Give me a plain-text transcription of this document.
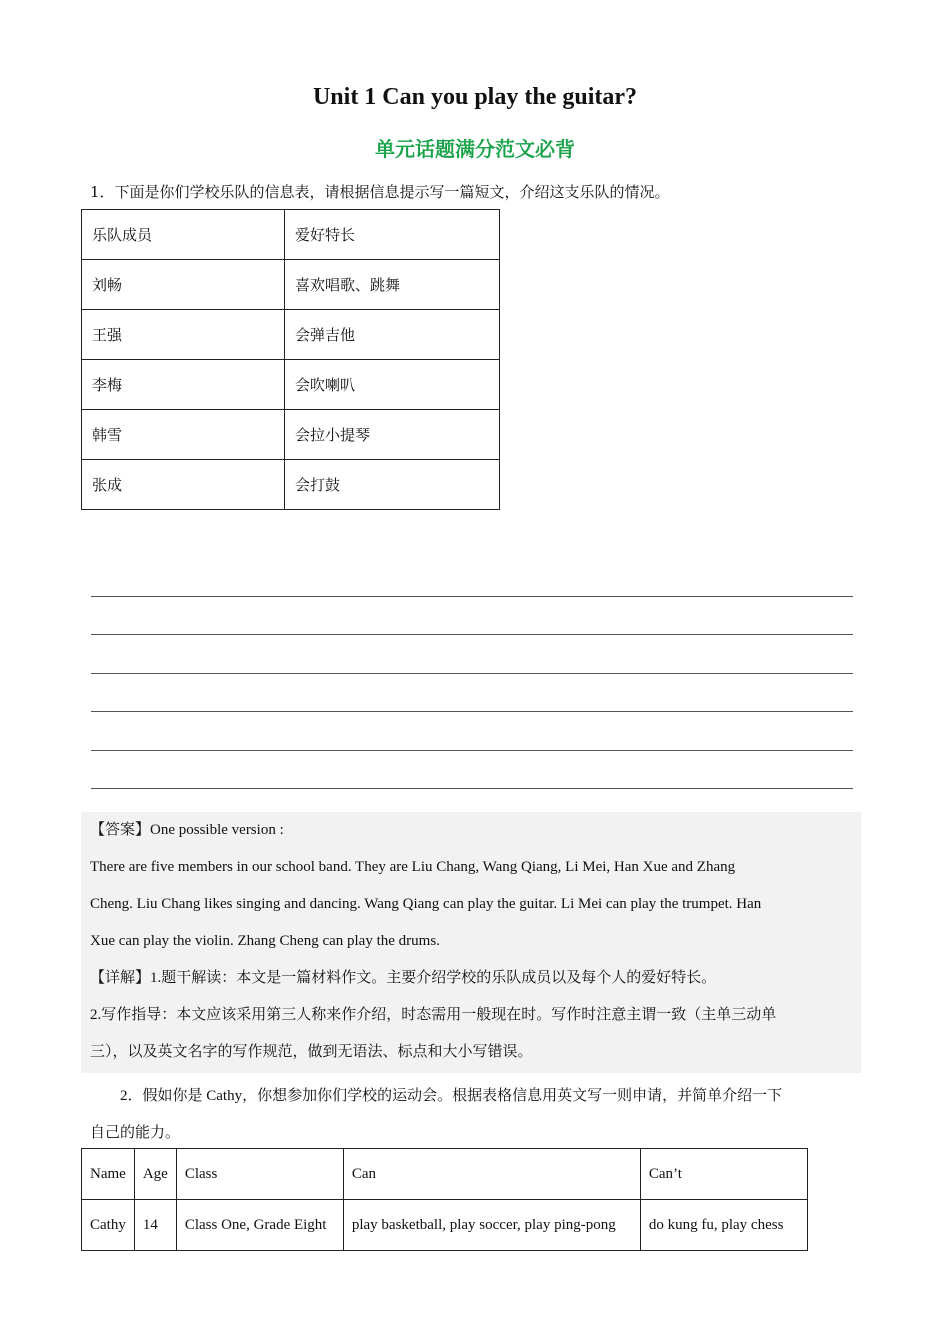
Unit 1 Can you play the guitar?
单元话题满分范文必背
1．下面是你们学校乐队的信息表，请根据信息提示写一篇短文，介绍这支乐队的情况。
乐队成员	爱好特长
刘畅	喜欢唱歌、跳舞
王强	会弹吉他
李梅	会吹喇叭
韩雪	会拉小提琴
张成	会打鼓

【答案】One possible version :

There are five members in our school band. They are Liu Chang, Wang Qiang, Li Mei, Han Xue and Zhang

Cheng. Liu Chang likes singing and dancing. Wang Qiang can play the guitar. Li Mei can play the trumpet. Han

Xue can play the violin. Zhang Cheng can play the drums.

【详解】1.题干解读：本文是一篇材料作文。主要介绍学校的乐队成员以及每个人的爱好特长。

2.写作指导：本文应该采用第三人称来作介绍，时态需用一般现在时。写作时注意主谓一致（主单三动单

三），以及英文名字的写作规范，做到无语法、标点和大小写错误。

2．假如你是 Cathy，你想参加你们学校的运动会。根据表格信息用英文写一则申请，并简单介绍一下

自己的能力。

Name	Age	Class	Can	Can’t
Cathy	14	Class One, Grade Eight	play basketball, play soccer, play ping-pong	do kung fu, play chess
